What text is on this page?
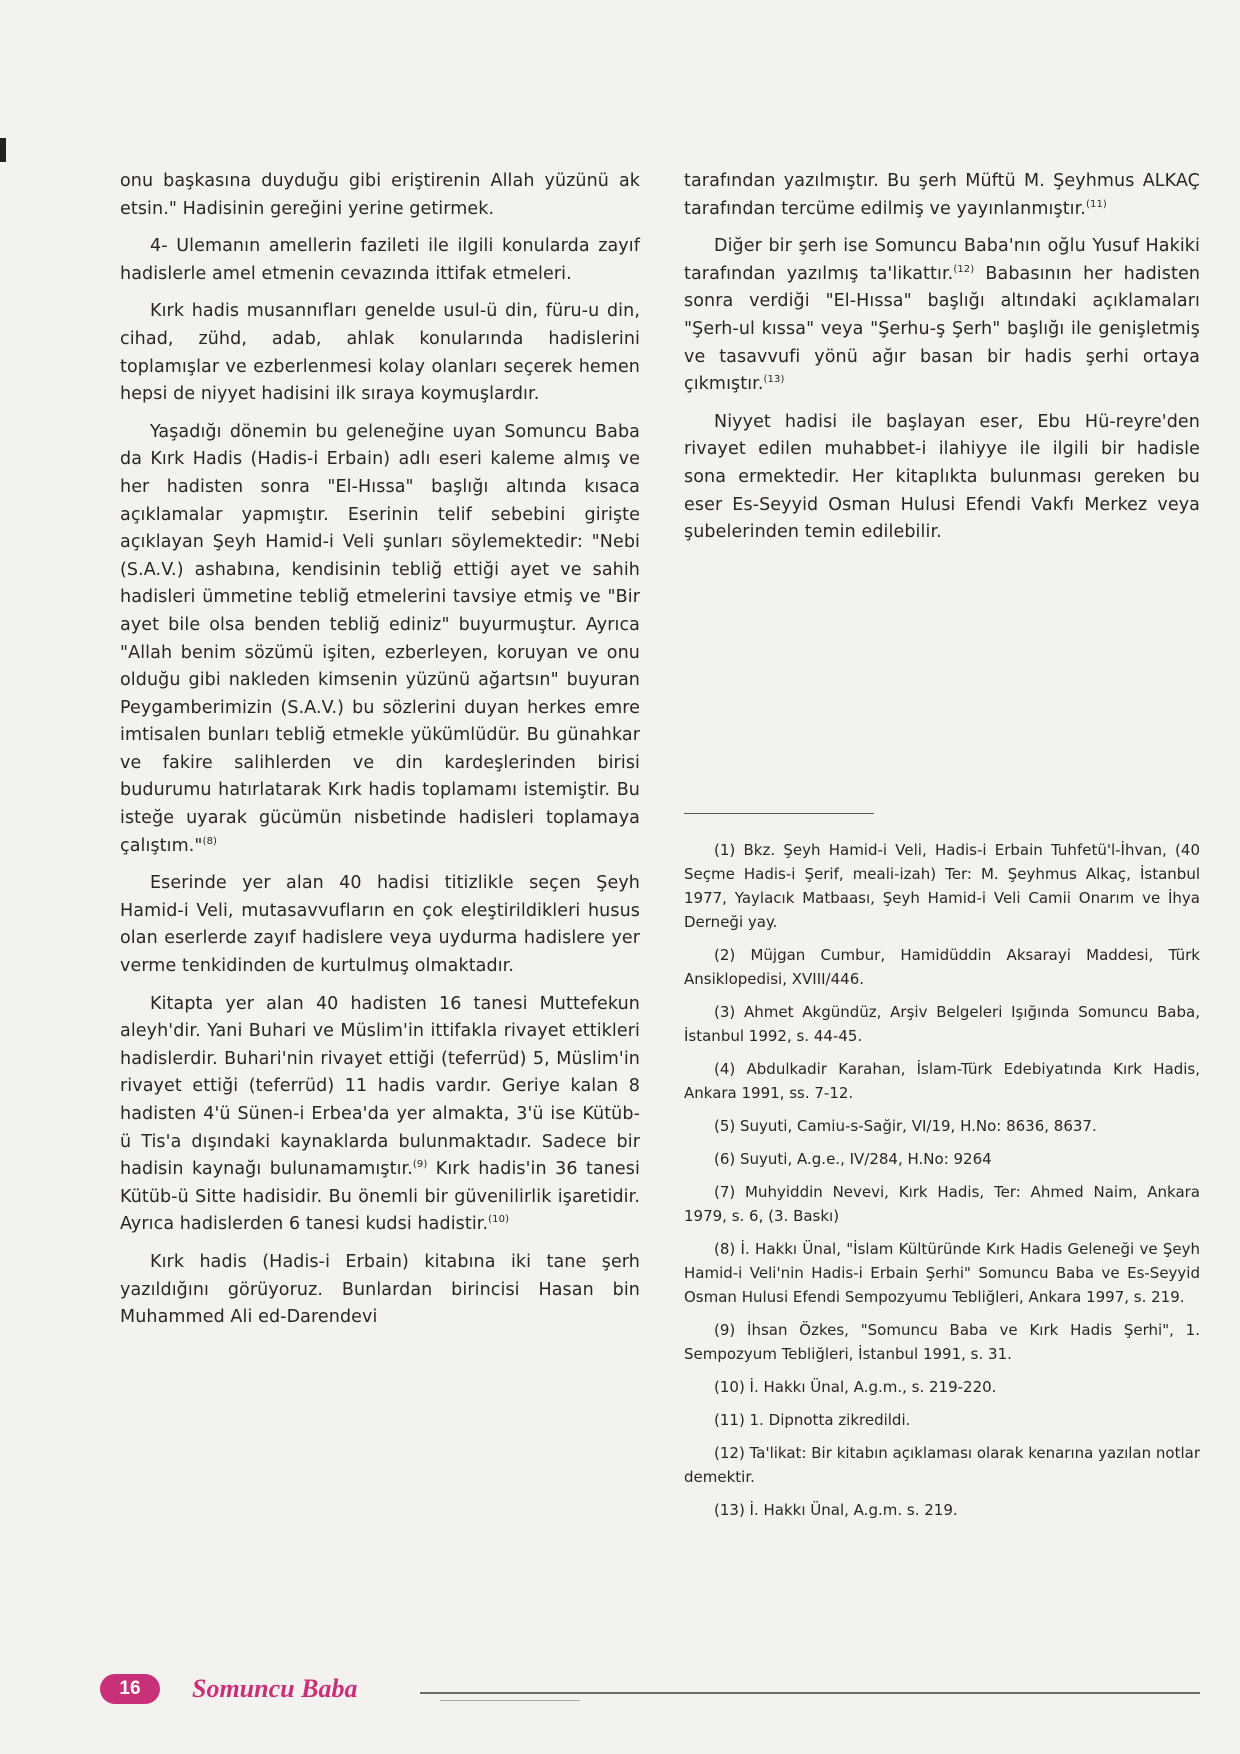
onu başkasına duyduğu gibi eriştirenin Allah yüzünü ak etsin." Hadisinin gereğini yerine getirmek.

4- Ulemanın amellerin fazileti ile ilgili konularda zayıf hadislerle amel etmenin cevazında ittifak etmeleri.

Kırk hadis musannıfları genelde usul-ü din, füru-u din, cihad, zühd, adab, ahlak konularında hadislerini toplamışlar ve ezberlenmesi kolay olanları seçerek hemen hepsi de niyyet hadisini ilk sıraya koymuşlardır.

Yaşadığı dönemin bu geleneğine uyan Somuncu Baba da Kırk Hadis (Hadis-i Erbain) adlı eseri kaleme almış ve her hadisten sonra "El-Hıssa" başlığı altında kısaca açıklamalar yapmıştır. Eserinin telif sebebini girişte açıklayan Şeyh Hamid-i Veli şunları söylemektedir: "Nebi (S.A.V.) ashabına, kendisinin tebliğ ettiği ayet ve sahih hadisleri ümmetine tebliğ etmelerini tavsiye etmiş ve "Bir ayet bile olsa benden tebliğ ediniz" buyurmuştur. Ayrıca "Allah benim sözümü işiten, ezberleyen, koruyan ve onu olduğu gibi nakleden kimsenin yüzünü ağartsın" buyuran Peygamberimizin (S.A.V.) bu sözlerini duyan herkes emre imtisalen bunları tebliğ etmekle yükümlüdür. Bu günahkar ve fakire salihlerden ve din kardeşlerinden birisi budurumu hatırlatarak Kırk hadis toplamamı istemiştir. Bu isteğe uyarak gücümün nisbetinde hadisleri toplamaya çalıştım."$^{(8)}$

Eserinde yer alan 40 hadisi titizlikle seçen Şeyh Hamid-i Veli, mutasavvufların en çok eleştirildikleri husus olan eserlerde zayıf hadislere veya uydurma hadislere yer verme tenkidinden de kurtulmuş olmaktadır.

Kitapta yer alan 40 hadisten 16 tanesi Muttefekun aleyh'dir. Yani Buhari ve Müslim'in ittifakla rivayet ettikleri hadislerdir. Buhari'nin rivayet ettiği (teferrüd) 5, Müslim'in rivayet ettiği (teferrüd) 11 hadis vardır. Geriye kalan 8 hadisten 4'ü Sünen-i Erbea'da yer almakta, 3'ü ise Kütüb-ü Tis'a dışındaki kaynaklarda bulunmaktadır. Sadece bir hadisin kaynağı bulunamamıştır.$^{(9)}$ Kırk hadis'in 36 tanesi Kütüb-ü Sitte hadisidir. Bu önemli bir güvenilirlik işaretidir. Ayrıca hadislerden 6 tanesi kudsi hadistir.$^{(10)}$

Kırk hadis (Hadis-i Erbain) kitabına iki tane şerh yazıldığını görüyoruz. Bunlardan birincisi Hasan bin Muhammed Ali ed-Darendevi

tarafından yazılmıştır. Bu şerh Müftü M. Şeyhmus ALKAÇ tarafından tercüme edilmiş ve yayınlanmıştır.$^{(11)}$

Diğer bir şerh ise Somuncu Baba'nın oğlu Yusuf Hakiki tarafından yazılmış ta'likattır.$^{(12)}$ Babasının her hadisten sonra verdiği "El-Hıssa" başlığı altındaki açıklamaları "Şerh-ul kıssa" veya "Şerhu-ş Şerh" başlığı ile genişletmiş ve tasavvufi yönü ağır basan bir hadis şerhi ortaya çıkmıştır.$^{(13)}$

Niyyet hadisi ile başlayan eser, Ebu Hü-reyre'den rivayet edilen muhabbet-i ilahiyye ile ilgili bir hadisle sona ermektedir. Her kitaplıkta bulunması gereken bu eser Es-Seyyid Osman Hulusi Efendi Vakfı Merkez veya şubelerinden temin edilebilir.

(1) Bkz. Şeyh Hamid-i Veli, Hadis-i Erbain Tuhfetü'l-İhvan, (40 Seçme Hadis-i Şerif, meali-izah) Ter: M. Şeyhmus Alkaç, İstanbul 1977, Yaylacık Matbaası, Şeyh Hamid-i Veli Camii Onarım ve İhya Derneği yay.

(2) Müjgan Cumbur, Hamidüddin Aksarayi Maddesi, Türk Ansiklopedisi, XVIII/446.

(3) Ahmet Akgündüz, Arşiv Belgeleri Işığında Somuncu Baba, İstanbul 1992, s. 44-45.

(4) Abdulkadir Karahan, İslam-Türk Edebiyatında Kırk Hadis, Ankara 1991, ss. 7-12.

(5) Suyuti, Camiu-s-Sağir, VI/19, H.No: 8636, 8637.

(6) Suyuti, A.g.e., IV/284, H.No: 9264

(7) Muhyiddin Nevevi, Kırk Hadis, Ter: Ahmed Naim, Ankara 1979, s. 6, (3. Baskı)

(8) İ. Hakkı Ünal, "İslam Kültüründe Kırk Hadis Geleneği ve Şeyh Hamid-i Veli'nin Hadis-i Erbain Şerhi" Somuncu Baba ve Es-Seyyid Osman Hulusi Efendi Sempozyumu Tebliğleri, Ankara 1997, s. 219.

(9) İhsan Özkes, "Somuncu Baba ve Kırk Hadis Şerhi", 1. Sempozyum Tebliğleri, İstanbul 1991, s. 31.

(10) İ. Hakkı Ünal, A.g.m., s. 219-220.

(11) 1. Dipnotta zikredildi.

(12) Ta'likat: Bir kitabın açıklaması olarak kenarına yazılan notlar demektir.

(13) İ. Hakkı Ünal, A.g.m. s. 219.

16	Somuncu Baba
